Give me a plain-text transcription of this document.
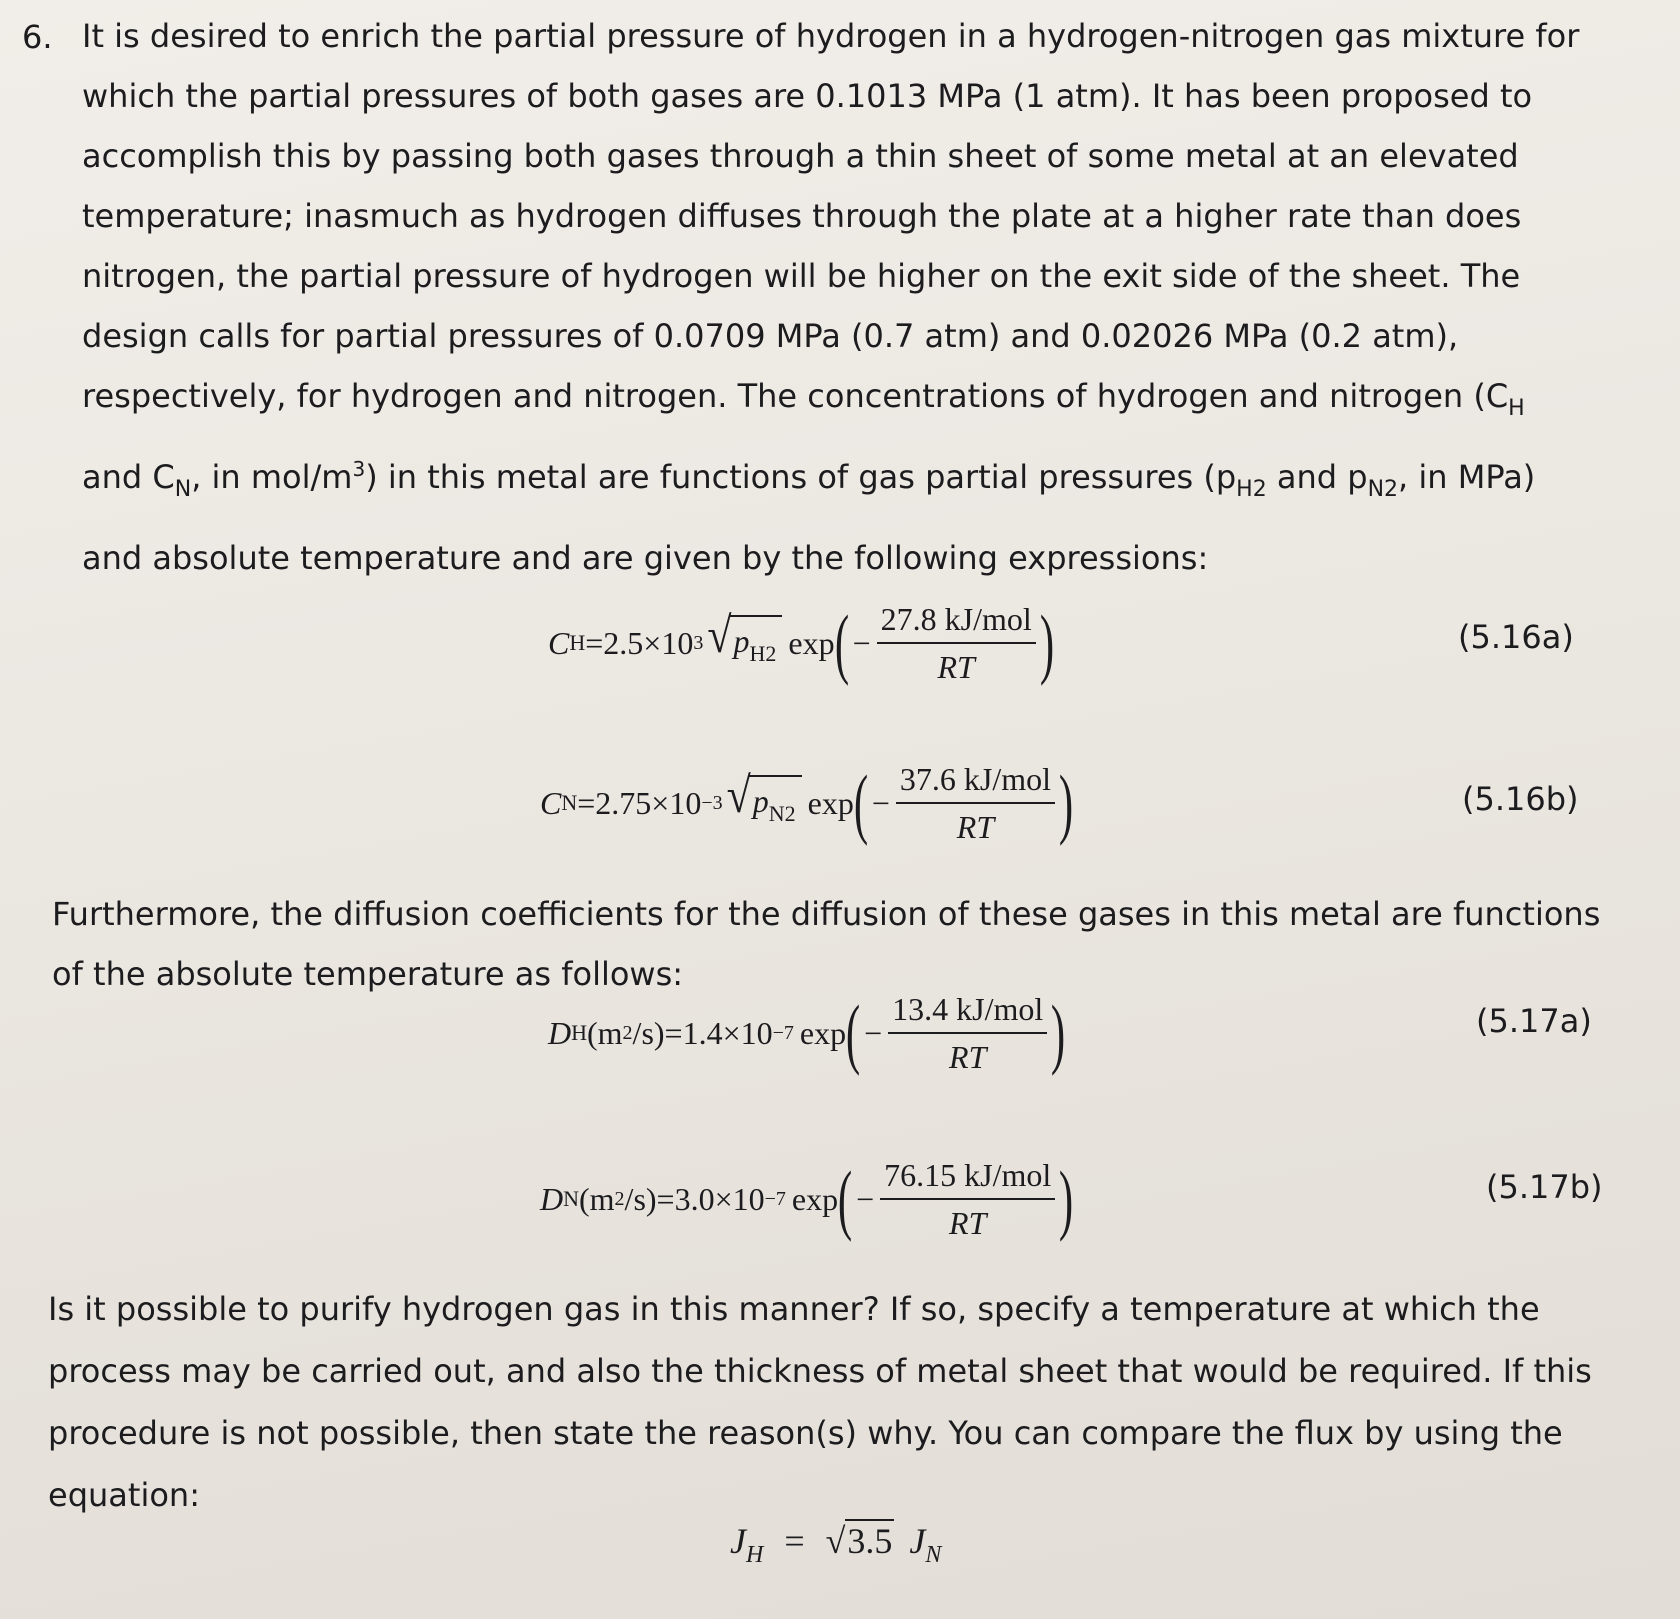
6. It is desired to enrich the partial pressure of hydrogen in a hydrogen-nitrogen gas mixture for
which the partial pressures of both gases are 0.1013 MPa (1 atm). It has been proposed to
accomplish this by passing both gases through a thin sheet of some metal at an elevated
temperature; inasmuch as hydrogen diffuses through the plate at a higher rate than does
nitrogen, the partial pressure of hydrogen will be higher on the exit side of the sheet. The
design calls for partial pressures of 0.0709 MPa (0.7 atm) and 0.02026 MPa (0.2 atm),
respectively, for hydrogen and nitrogen. The concentrations of hydrogen and nitrogen ($C_H$
and $C_N$, in mol/$m^3$) in this metal are functions of gas partial pressures ($p_{H2}$ and $p_{N2}$, in MPa)
and absolute temperature and are given by the following expressions:
C H =2.5×10 3 √ $p_{H2}$ exp ( − $\frac{\text{27.8 kJ/mol}}{RT}$ )	(5.16a)
C N =2.75×10 −3 √ $p_{N2}$ exp ( − $\frac{\text{37.6 kJ/mol}}{RT}$ )	(5.16b)
Furthermore, the diffusion coefficients for the diffusion of these gases in this metal are functions
of the absolute temperature as follows:
D H (m 2 /s) =1.4×10 −7 exp ( − $\frac{\text{13.4 kJ/mol}}{RT}$ )	(5.17a)
D N (m 2 /s) =3.0×10 −7 exp ( − $\frac{\text{76.15 kJ/mol}}{RT}$ )	(5.17b)
Is it possible to purify hydrogen gas in this manner? If so, specify a temperature at which the
process may be carried out, and also the thickness of metal sheet that would be required. If this
procedure is not possible, then state the reason(s) why. You can compare the flux by using the
equation:
$J_H = √3.5$ $J_N$
